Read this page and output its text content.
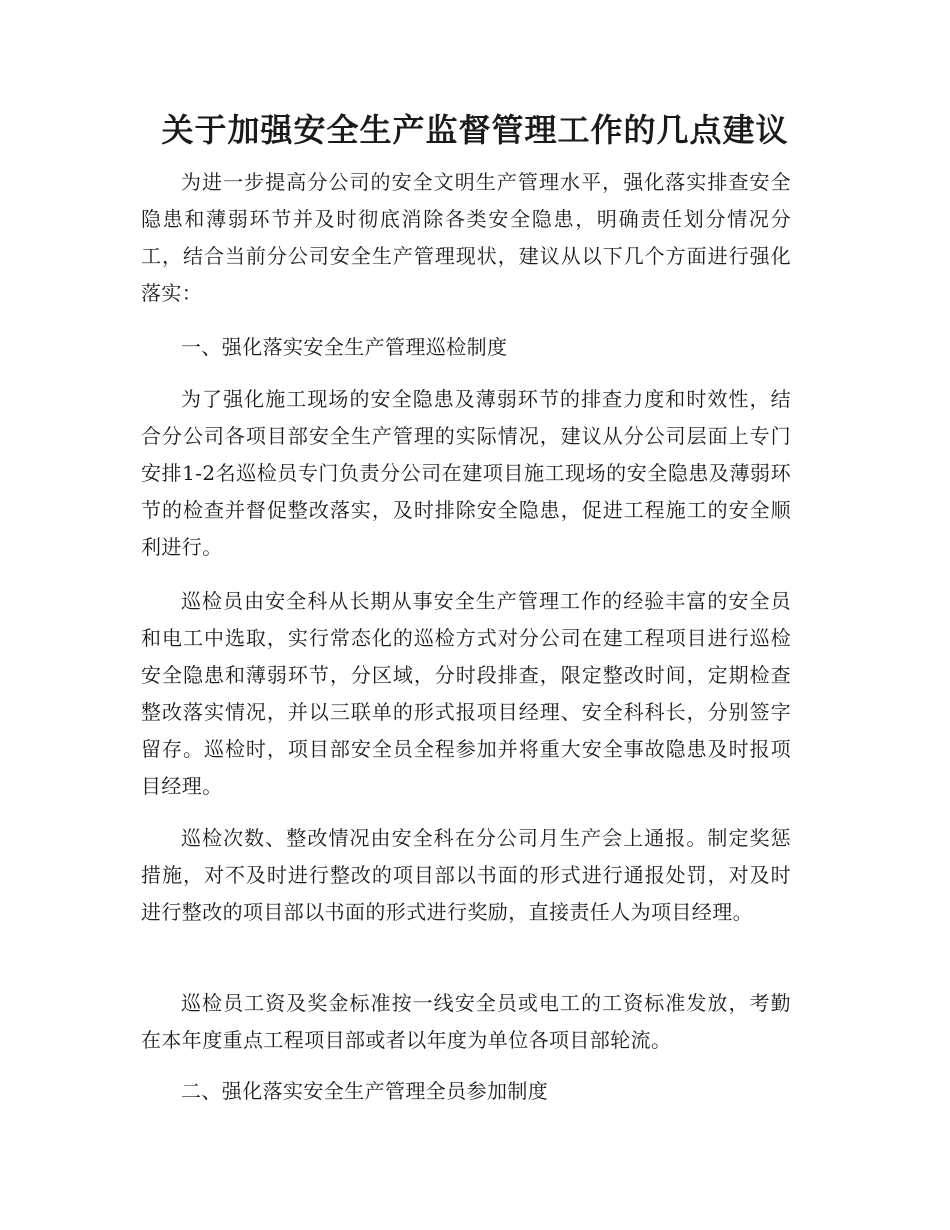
关于加强安全生产监督管理工作的几点建议

为进一步提高分公司的安全文明生产管理水平，强化落实排查安全隐患和薄弱环节并及时彻底消除各类安全隐患，明确责任划分情况分工，结合当前分公司安全生产管理现状，建议从以下几个方面进行强化落实：

一、强化落实安全生产管理巡检制度

为了强化施工现场的安全隐患及薄弱环节的排查力度和时效性，结合分公司各项目部安全生产管理的实际情况，建议从分公司层面上专门安排1-2名巡检员专门负责分公司在建项目施工现场的安全隐患及薄弱环节的检查并督促整改落实，及时排除安全隐患，促进工程施工的安全顺利进行。

巡检员由安全科从长期从事安全生产管理工作的经验丰富的安全员和电工中选取，实行常态化的巡检方式对分公司在建工程项目进行巡检安全隐患和薄弱环节，分区域，分时段排查，限定整改时间，定期检查整改落实情况，并以三联单的形式报项目经理、安全科科长，分别签字留存。巡检时，项目部安全员全程参加并将重大安全事故隐患及时报项目经理。

巡检次数、整改情况由安全科在分公司月生产会上通报。制定奖惩措施，对不及时进行整改的项目部以书面的形式进行通报处罚，对及时进行整改的项目部以书面的形式进行奖励，直接责任人为项目经理。

巡检员工资及奖金标准按一线安全员或电工的工资标准发放，考勤在本年度重点工程项目部或者以年度为单位各项目部轮流。

二、强化落实安全生产管理全员参加制度
